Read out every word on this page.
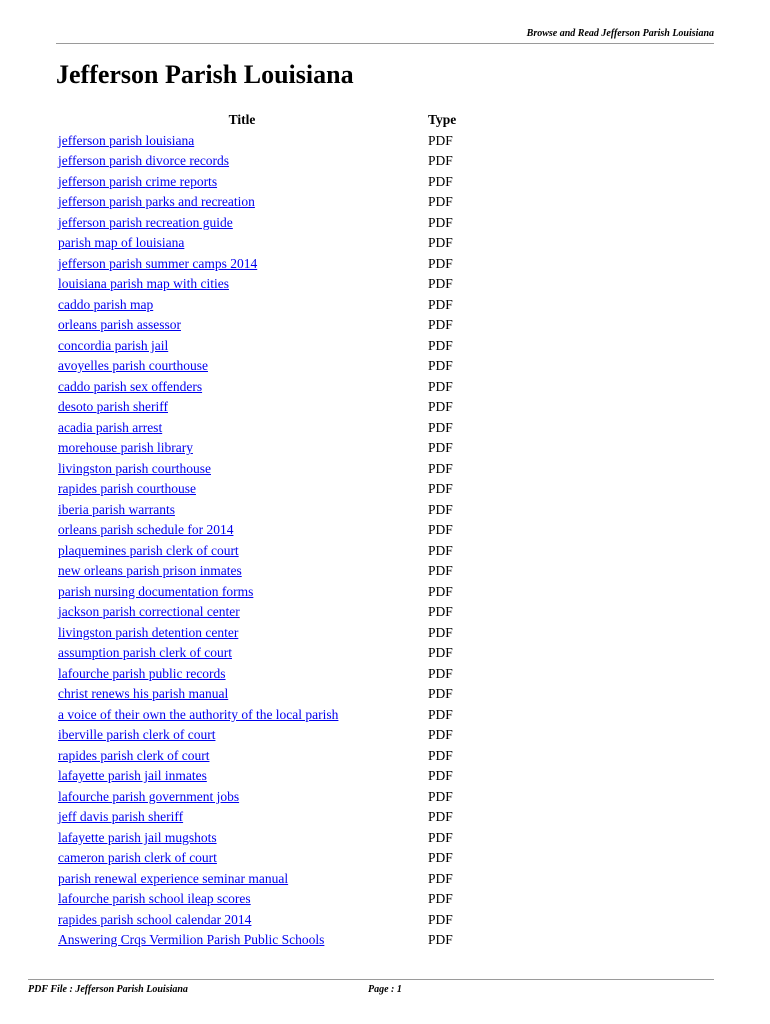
Browse and Read Jefferson Parish Louisiana
Jefferson Parish Louisiana
Title	Type
jefferson parish louisiana	PDF
jefferson parish divorce records	PDF
jefferson parish crime reports	PDF
jefferson parish parks and recreation	PDF
jefferson parish recreation guide	PDF
parish map of louisiana	PDF
jefferson parish summer camps 2014	PDF
louisiana parish map with cities	PDF
caddo parish map	PDF
orleans parish assessor	PDF
concordia parish jail	PDF
avoyelles parish courthouse	PDF
caddo parish sex offenders	PDF
desoto parish sheriff	PDF
acadia parish arrest	PDF
morehouse parish library	PDF
livingston parish courthouse	PDF
rapides parish courthouse	PDF
iberia parish warrants	PDF
orleans parish schedule for 2014	PDF
plaquemines parish clerk of court	PDF
new orleans parish prison inmates	PDF
parish nursing documentation forms	PDF
jackson parish correctional center	PDF
livingston parish detention center	PDF
assumption parish clerk of court	PDF
lafourche parish public records	PDF
christ renews his parish manual	PDF
a voice of their own the authority of the local parish	PDF
iberville parish clerk of court	PDF
rapides parish clerk of court	PDF
lafayette parish jail inmates	PDF
lafourche parish government jobs	PDF
jeff davis parish sheriff	PDF
lafayette parish jail mugshots	PDF
cameron parish clerk of court	PDF
parish renewal experience seminar manual	PDF
lafourche parish school ileap scores	PDF
rapides parish school calendar 2014	PDF
Answering Crqs Vermilion Parish Public Schools	PDF
PDF File : Jefferson Parish Louisiana	Page : 1
